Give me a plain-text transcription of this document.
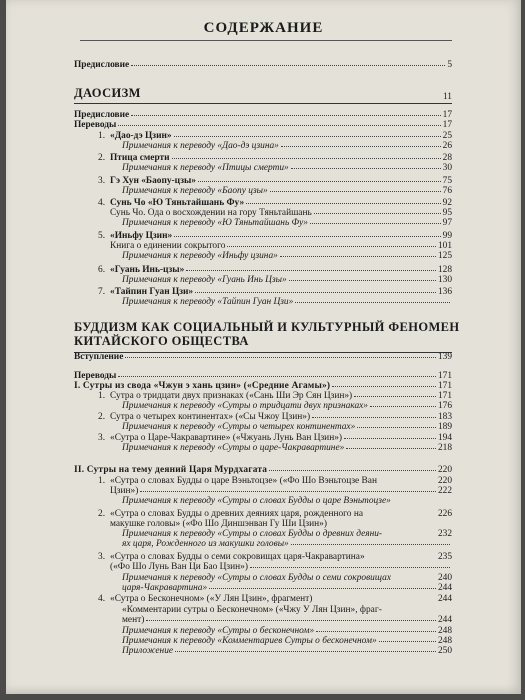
СОДЕРЖАНИЕ
Предисловие	5
ДАОСИЗМ	11
Предисловие	17
Переводы	17
1. «Дао-дэ Цзин»	25
Примечания к переводу «Дао-дэ цзина»	26
2. Птица смерти	28
Примечания к переводу «Птицы смерти»	30
3. Гэ Хун «Баопу-цзы»	75
Примечания к переводу «Баопу цзы»	76
4. Сунь Чо «Ю Тяньтайшань Фу»	92
Сунь Чо. Ода о восхождении на гору Тяньтайшань	95
Примечания к переводу «Ю Тяньтайшань Фу»	97
5. «Иньфу Цзин»	99
Книга о единении сокрытого	101
Примечания к переводу «Иньфу цзина»	125
6. «Гуань Инь-цзы»	128
Примечания к переводу «Гуань Инь Цзы»	130
7. «Тайпин Гуан Цзи»	136
Примечания к переводу «Тайпин Гуан Цзи»
БУДДИЗМ КАК СОЦИАЛЬНЫЙ И КУЛЬТУРНЫЙ ФЕНОМЕН
КИТАЙСКОГО ОБЩЕСТВА
Вступление	139
Переводы	171
I. Сутры из свода «Чжун э хань цзин» («Средние Агамы»)	171
1. Сутра о тридцати двух признаках («Сань Ши Эр Сян Цзин»)	171
Примечания к переводу «Сутры о тридцати двух признаках»	176
2. Сутра о четырех континентах» («Сы Чжоу Цзин»)	183
Примечания к переводу «Сутры о четырех континентах»	189
3. «Сутра о Царе-Чакравартине» («Чжуань Лунь Ван Цзин»)	194
Примечания к переводу «Сутры о царе-Чакравартине»	218
II. Сутры на тему деяний Царя Мурдхагата	220
1. «Сутра о словах Будды о царе Вэньтоцзе» («Фо Шо Вэньтоцзе Ван	220
Цзин»)	222
Примечания к переводу «Сутры о словах Будды о царе Вэньтоцзе»
2. «Сутра о словах Будды о древних деяниях царя, рожденного на	226
макушке головы» («Фо Шо Диншэнван Гу Ши Цзин»)
Примечания к переводу «Сутры о словах Будды о древних деяни-	232
ях царя, Рожденного из макушки головы»
3. «Сутра о словах Будды о семи сокровищах царя-Чакравартина»	235
(«Фо Шо Лунь Ван Ци Бао Цзин»)
Примечания к переводу «Сутры о словах Будды о семи сокровищах	240
царя-Чакравартина»	244
4. «Сутра о Бесконечном» («У Лян Цзин», фрагмент)	244
«Комментарии сутры о Бесконечном» («Чжу У Лян Цзин», фраг-
мент)	244
Примечания к переводу «Сутры о бесконечном»	248
Примечания к переводу «Комментариев Сутры о бесконечном»	248
Приложение	250
